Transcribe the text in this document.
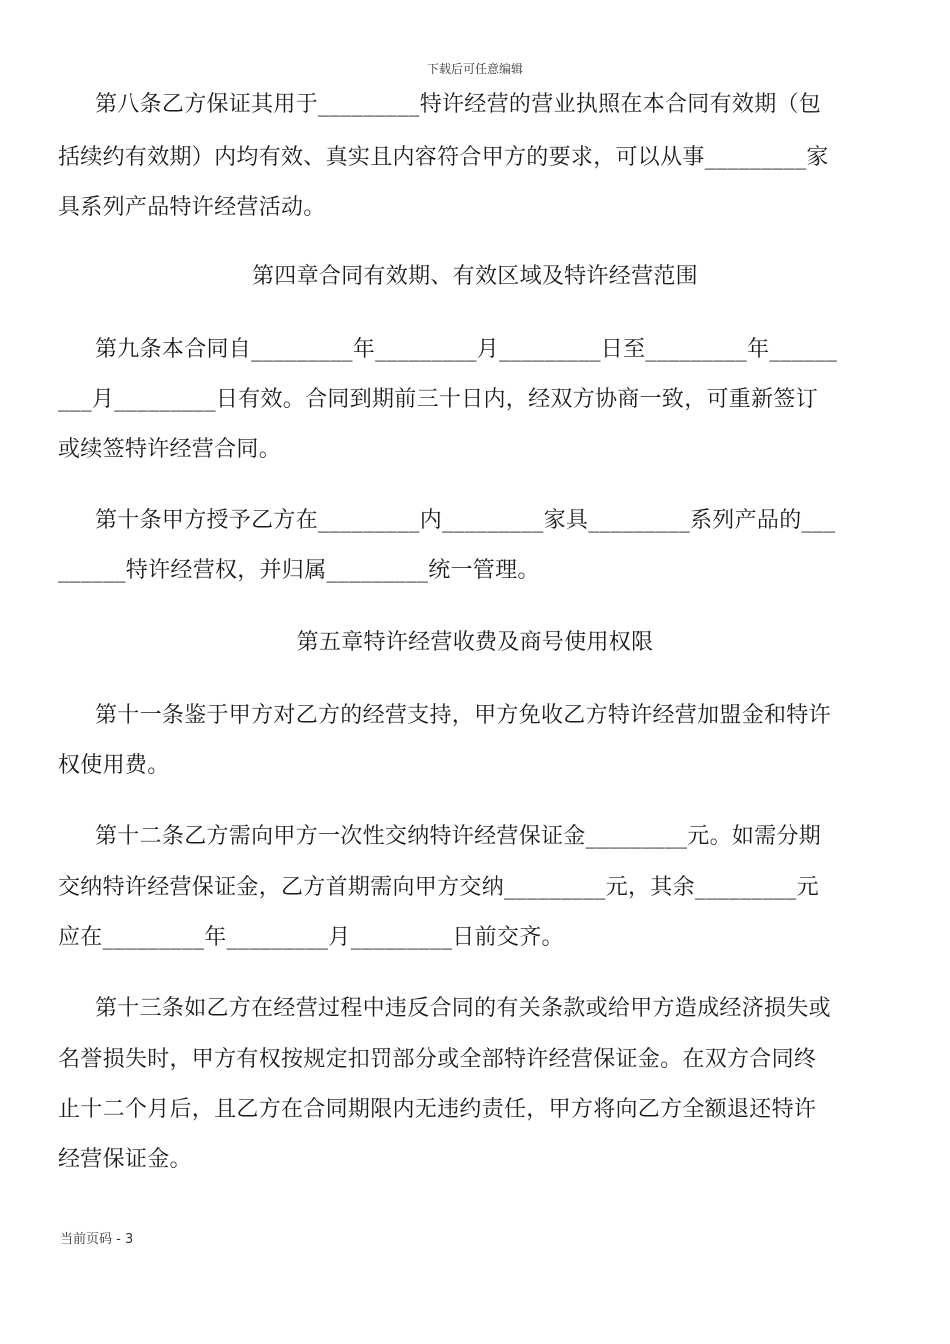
下载后可任意编辑
第八条乙方保证其用于_________特许经营的营业执照在本合同有效期（包
括续约有效期）内均有效、真实且内容符合甲方的要求，可以从事_________家
具系列产品特许经营活动。
第四章合同有效期、有效区域及特许经营范围
第九条本合同自_________年_________月_________日至_________年______
___月_________日有效。合同到期前三十日内，经双方协商一致，可重新签订
或续签特许经营合同。
第十条甲方授予乙方在_________内_________家具_________系列产品的___
______特许经营权，并归属_________统一管理。
第五章特许经营收费及商号使用权限
第十一条鉴于甲方对乙方的经营支持，甲方免收乙方特许经营加盟金和特许
权使用费。
第十二条乙方需向甲方一次性交纳特许经营保证金_________元。如需分期
交纳特许经营保证金，乙方首期需向甲方交纳_________元，其余_________元
应在_________年_________月_________日前交齐。
第十三条如乙方在经营过程中违反合同的有关条款或给甲方造成经济损失或
名誉损失时，甲方有权按规定扣罚部分或全部特许经营保证金。在双方合同终
止十二个月后，且乙方在合同期限内无违约责任，甲方将向乙方全额退还特许
经营保证金。
当前页码 - 3
